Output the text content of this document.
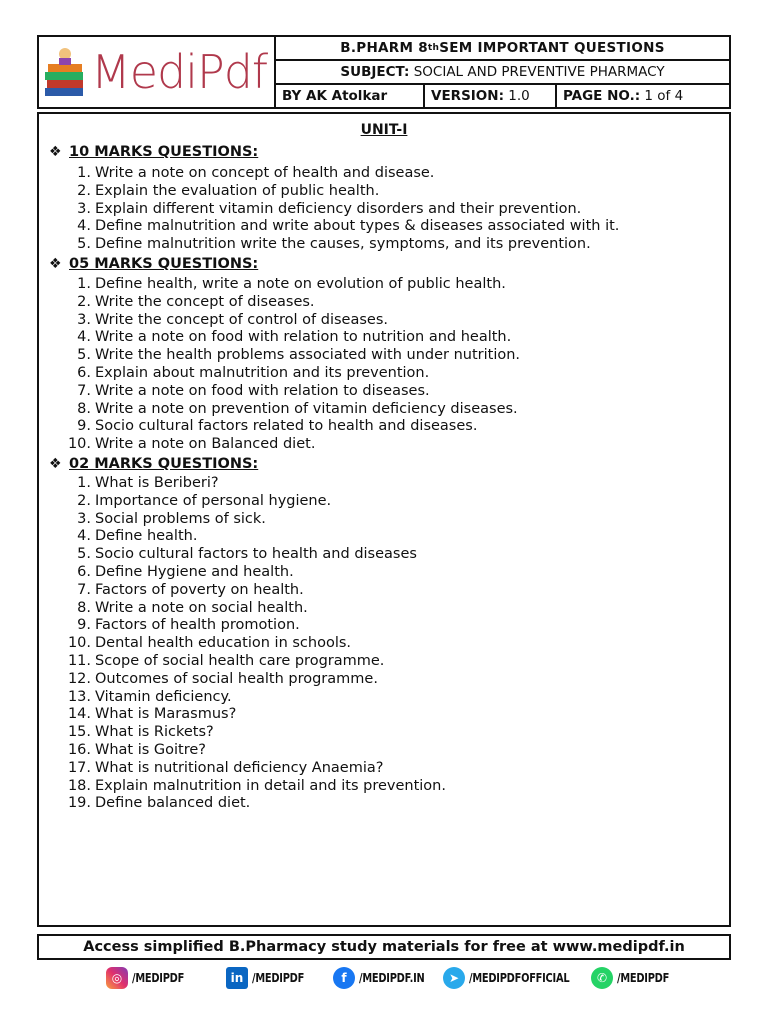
MediPdf	B.PHARM 8 th SEM IMPORTANT QUESTIONS
SUBJECT: SOCIAL AND PREVENTIVE PHARMACY
BY AK Atolkar	VERSION: 1.0 PAGE NO.: 1 of 4
UNIT-I
❖ 10 MARKS QUESTIONS:
1. Write a note on concept of health and disease.
2. Explain the evaluation of public health.
3. Explain different vitamin deficiency disorders and their prevention.
4. Define malnutrition and write about types & diseases associated with it.
5. Define malnutrition write the causes, symptoms, and its prevention.
❖ 05 MARKS QUESTIONS:
1. Define health, write a note on evolution of public health.
2. Write the concept of diseases.
3. Write the concept of control of diseases.
4. Write a note on food with relation to nutrition and health.
5. Write the health problems associated with under nutrition.
6. Explain about malnutrition and its prevention.
7. Write a note on food with relation to diseases.
8. Write a note on prevention of vitamin deficiency diseases.
9. Socio cultural factors related to health and diseases.
10. Write a note on Balanced diet.
❖ 02 MARKS QUESTIONS:
1. What is Beriberi?
2. Importance of personal hygiene.
3. Social problems of sick.
4. Define health.
5. Socio cultural factors to health and diseases
6. Define Hygiene and health.
7. Factors of poverty on health.
8. Write a note on social health.
9. Factors of health promotion.
10. Dental health education in schools.
11. Scope of social health care programme.
12. Outcomes of social health programme.
13. Vitamin deficiency.
14. What is Marasmus?
15. What is Rickets?
16. What is Goitre?
17. What is nutritional deficiency Anaemia?
18. Explain malnutrition in detail and its prevention.
19. Define balanced diet.
Access simplified B.Pharmacy study materials for free at www.medipdf.in
◎ /MEDIPDF	in /MEDIPDF	f	/MEDIPDF.IN	➤ /MEDIPDFOFFICIAL	✆ /MEDIPDF
